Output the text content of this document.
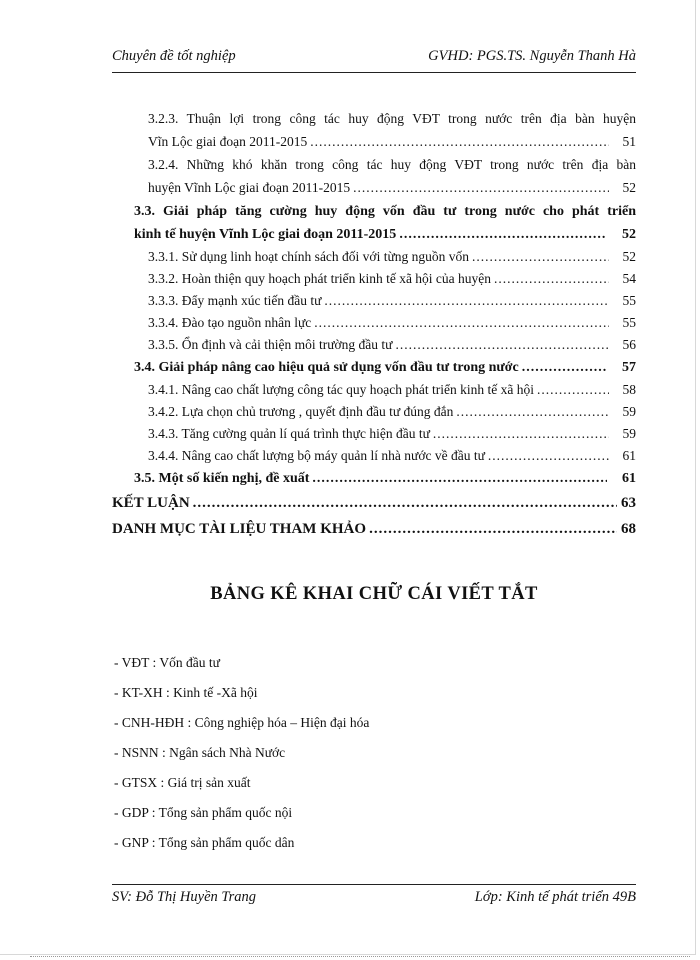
Chuyên đề tốt nghiệp	GVHD: PGS.TS. Nguyễn Thanh Hà
3.2.3. Thuận lợi trong công tác huy động VĐT trong nước trên địa bàn huyện
Vĩn Lộc giai đoạn 2011-2015 .....	51
3.2.4. Những khó khăn trong công tác huy động VĐT trong nước trên địa bàn
huyện Vĩnh Lộc giai đoạn 2011-2015 .....	52
3.3. Giải pháp tăng cường huy động vốn đầu tư trong nước cho phát triển
kinh tế huyện Vĩnh Lộc giai đoạn 2011-2015 .....	52
3.3.1. Sử dụng linh hoạt chính sách đối với từng nguồn vốn .....	52
3.3.2. Hoàn thiện quy hoạch phát triển kinh tế xã hội của huyện .....	54
3.3.3. Đẩy mạnh xúc tiến đầu tư .....	55
3.3.4. Đào tạo nguồn nhân lực .....	55
3.3.5. Ổn định và cải thiện môi trường đầu tư .....	56
3.4. Giải pháp nâng cao hiệu quả sử dụng vốn đầu tư trong nước .....	57
3.4.1. Nâng cao chất lượng công tác quy hoạch phát triển kinh tế xã hội .....	58
3.4.2. Lựa chọn chủ trương , quyết định đầu tư đúng đắn .....	59
3.4.3. Tăng cường quản lí quá trình thực hiện đầu tư .....	59
3.4.4. Nâng cao chất lượng bộ máy quản lí nhà nước về đầu tư .....	61
3.5. Một số kiến nghị, đề xuất .....	61
KẾT LUẬN .....	63
DANH MỤC TÀI LIỆU THAM KHẢO .....	68
BẢNG KÊ KHAI CHỮ CÁI VIẾT TẮT
- VĐT : Vốn đầu tư
- KT-XH : Kinh tế -Xã hội
- CNH-HĐH : Công nghiệp hóa – Hiện đại hóa
- NSNN : Ngân sách Nhà Nước
- GTSX : Giá trị sản xuất
- GDP : Tổng sản phẩm quốc nội
- GNP : Tổng sản phẩm quốc dân
SV: Đỗ Thị Huyền Trang	Lớp: Kinh tế phát triển 49B
